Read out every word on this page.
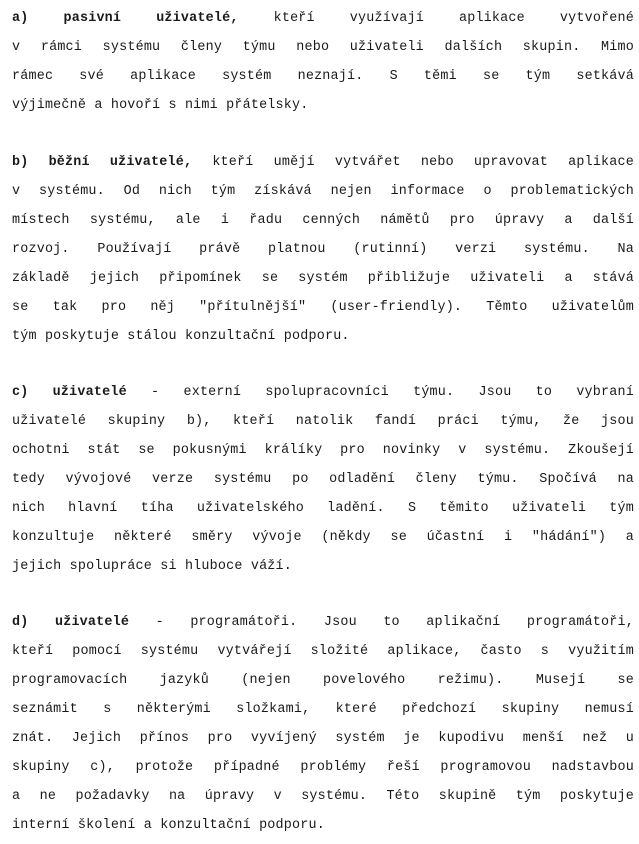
a) pasivní uživatelé, kteří využívají aplikace vytvořené
v rámci systému členy týmu nebo uživateli dalších skupin. Mimo
rámec své aplikace systém neznají. S těmi se tým setkává
výjimečně a hovoří s nimi přátelsky.
b) běžní uživatelé, kteří umějí vytvářet nebo upravovat aplikace
v systému. Od nich tým získává nejen informace o problematických
místech systému, ale i řadu cenných námětů pro úpravy a další
rozvoj. Používají právě platnou (rutinní) verzi systému. Na
základě jejich připomínek se systém přibližuje uživateli a stává
se tak pro něj "přítulnější" (user-friendly). Těmto uživatelům
tým poskytuje stálou konzultační podporu.
c) uživatelé - externí spolupracovníci týmu. Jsou to vybraní
uživatelé skupiny b), kteří natolik fandí práci týmu, že jsou
ochotni stát se pokusnými králíky pro novinky v systému. Zkoušejí
tedy vývojové verze systému po odladění členy týmu. Spočívá na
nich hlavní tíha uživatelského ladění. S těmito uživateli tým
konzultuje některé směry vývoje (někdy se účastní i "hádání") a
jejich spolupráce si hluboce váží.
d) uživatelé - programátoři. Jsou to aplikační programátoři,
kteří pomocí systému vytvářejí složité aplikace, často s využitím
programovacích jazyků (nejen povelového režimu). Musejí se
seznámit s některými složkami, které předchozí skupiny nemusí
znát. Jejich přínos pro vyvíjený systém je kupodivu menší než u
skupiny c), protože případné problémy řeší programovou nadstavbou
a ne požadavky na úpravy v systému. Této skupině tým poskytuje
interní školení a konzultační podporu.
